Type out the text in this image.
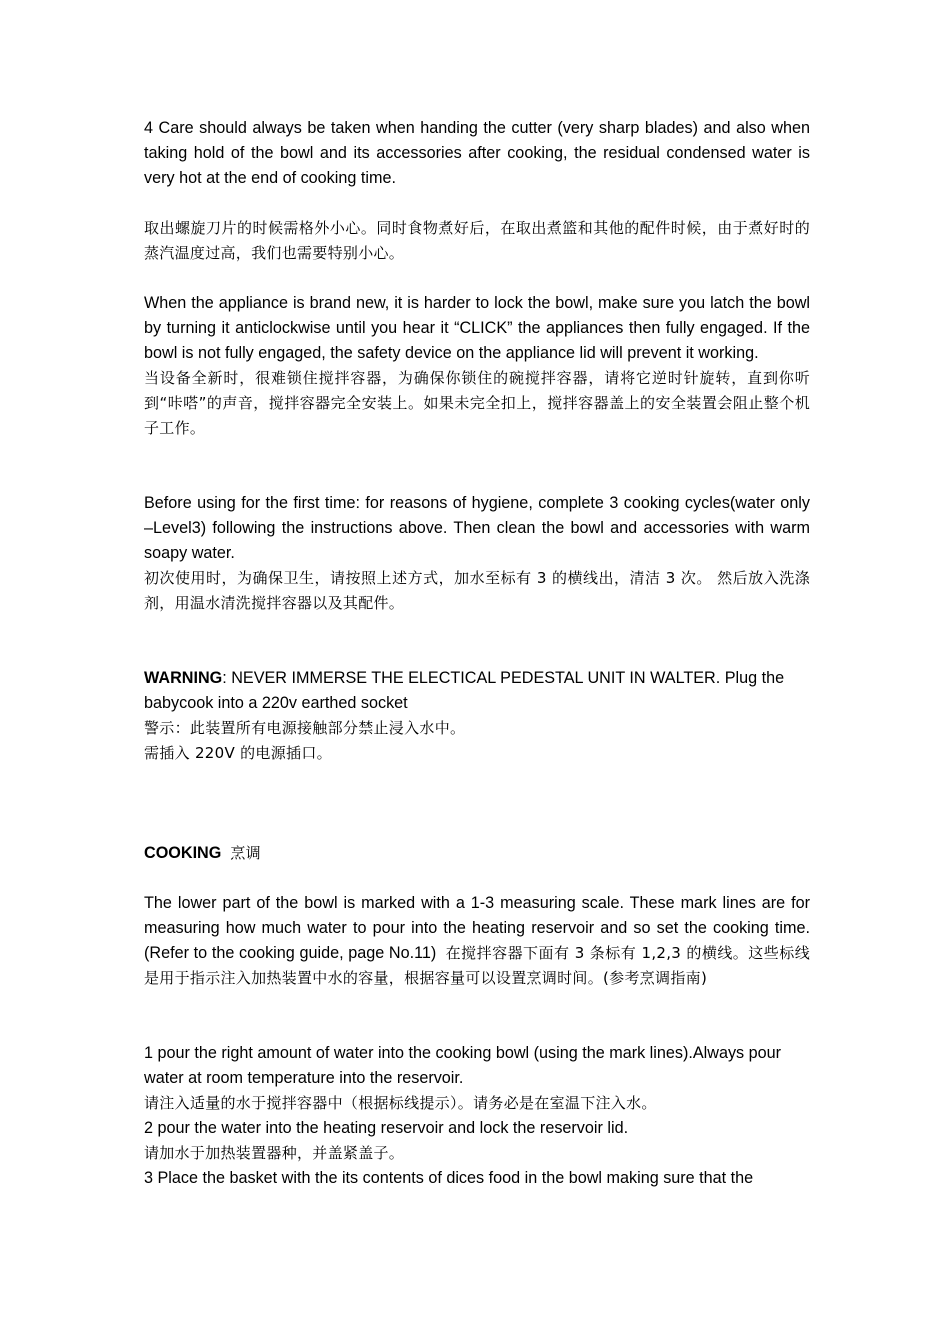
4 Care should always be taken when handing the cutter (very sharp blades) and also when taking hold of the bowl and its accessories after cooking, the residual condensed water is very hot at the end of cooking time.

取出螺旋刀片的时候需格外小心。同时食物煮好后，在取出煮篮和其他的配件时候，由于煮好时的蒸汽温度过高，我们也需要特别小心。

When the appliance is brand new, it is harder to lock the bowl, make sure you latch the bowl by turning it anticlockwise until you hear it “CLICK” the appliances then fully engaged. If the bowl is not fully engaged, the safety device on the appliance lid will prevent it working.

当设备全新时，很难锁住搅拌容器，为确保你锁住的碗搅拌容器，请将它逆时针旋转，直到你听到“咔嗒”的声音，搅拌容器完全安装上。如果未完全扣上，搅拌容器盖上的安全装置会阻止整个机子工作。

Before using for the first time: for reasons of hygiene, complete 3 cooking cycles(water only –Level3) following the instructions above. Then clean the bowl and accessories with warm soapy water.

初次使用时，为确保卫生，请按照上述方式，加水至标有 3 的横线出，清洁 3 次。 然后放入洗涤剂，用温水清洗搅拌容器以及其配件。

WARNING: NEVER IMMERSE THE ELECTICAL PEDESTAL UNIT IN WALTER. Plug the babycook into a 220v earthed socket

警示：此装置所有电源接触部分禁止浸入水中。

需插入 220V 的电源插口。

COOKING 烹调

The lower part of the bowl is marked with a 1-3 measuring scale. These mark lines are for measuring how much water to pour into the heating reservoir and so set the cooking time. (Refer to the cooking guide, page No.11) 在搅拌容器下面有 3 条标有 1,2,3 的横线。这些标线是用于指示注入加热装置中水的容量，根据容量可以设置烹调时间。(参考烹调指南)

1 pour the right amount of water into the cooking bowl (using the mark lines).Always pour water at room temperature into the reservoir.

请注入适量的水于搅拌容器中（根据标线提示）。请务必是在室温下注入水。

2 pour the water into the heating reservoir and lock the reservoir lid.

请加水于加热装置器种，并盖紧盖子。

3 Place the basket with the its contents of dices food in the bowl making sure that the
